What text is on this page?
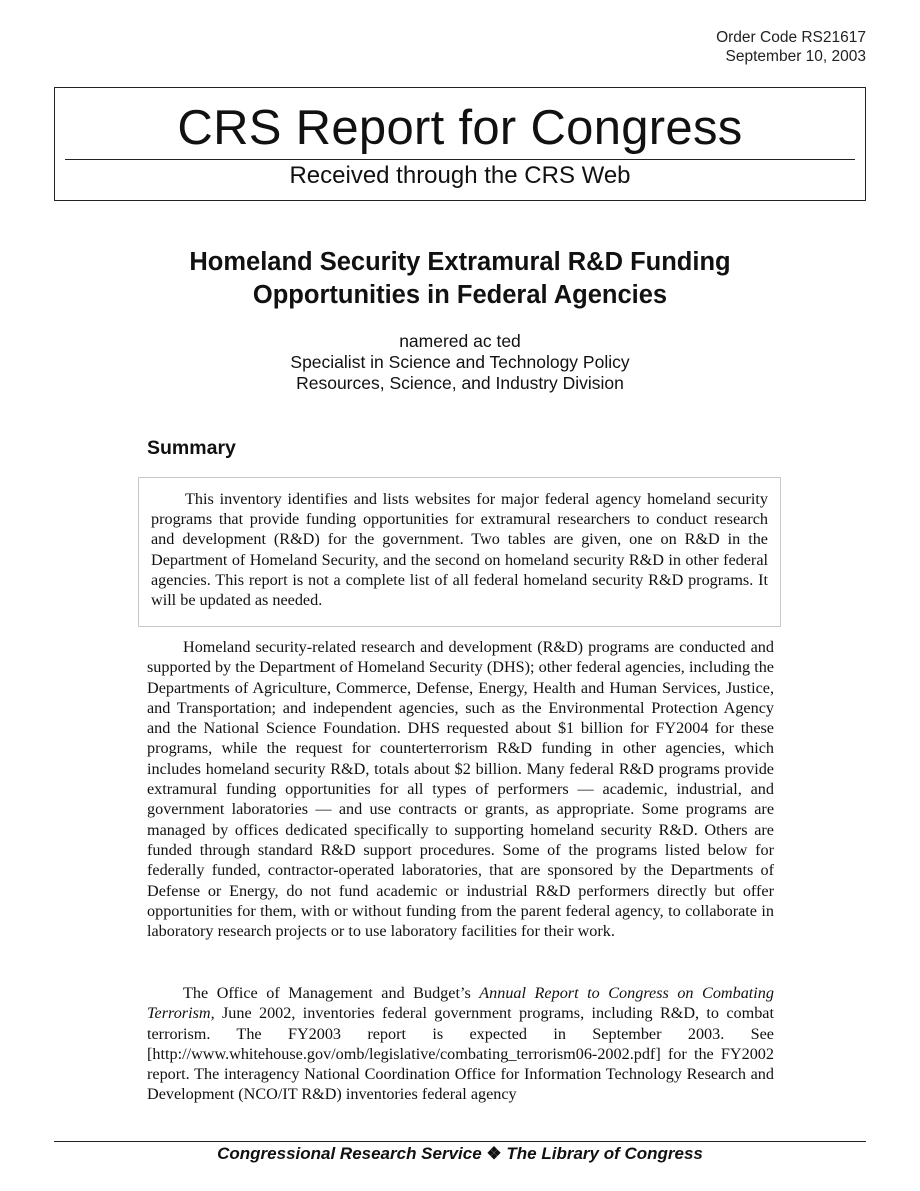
Order Code RS21617
September 10, 2003
CRS Report for Congress
Received through the CRS Web
Homeland Security Extramural R&D Funding
Opportunities in Federal Agencies
namered ac ted
Specialist in Science and Technology Policy
Resources, Science, and Industry Division
Summary

This inventory identifies and lists websites for major federal agency homeland security programs that provide funding opportunities for extramural researchers to conduct research and development (R&D) for the government. Two tables are given, one on R&D in the Department of Homeland Security, and the second on homeland security R&D in other federal agencies. This report is not a complete list of all federal homeland security R&D programs. It will be updated as needed.

Homeland security-related research and development (R&D) programs are conducted and supported by the Department of Homeland Security (DHS); other federal agencies, including the Departments of Agriculture, Commerce, Defense, Energy, Health and Human Services, Justice, and Transportation; and independent agencies, such as the Environmental Protection Agency and the National Science Foundation. DHS requested about $1 billion for FY2004 for these programs, while the request for counterterrorism R&D funding in other agencies, which includes homeland security R&D, totals about $2 billion. Many federal R&D programs provide extramural funding opportunities for all types of performers — academic, industrial, and government laboratories — and use contracts or grants, as appropriate. Some programs are managed by offices dedicated specifically to supporting homeland security R&D. Others are funded through standard R&D support procedures. Some of the programs listed below for federally funded, contractor-operated laboratories, that are sponsored by the Departments of Defense or Energy, do not fund academic or industrial R&D performers directly but offer opportunities for them, with or without funding from the parent federal agency, to collaborate in laboratory research projects or to use laboratory facilities for their work.

The Office of Management and Budget’s Annual Report to Congress on Combating Terrorism, June 2002, inventories federal government programs, including R&D, to combat terrorism. The FY2003 report is expected in September 2003. See [http://www.whitehouse.gov/omb/legislative/combating_terrorism06-2002.pdf] for the FY2002 report. The interagency National Coordination Office for Information Technology Research and Development (NCO/IT R&D) inventories federal agency

Congressional Research Service ❖ The Library of Congress
